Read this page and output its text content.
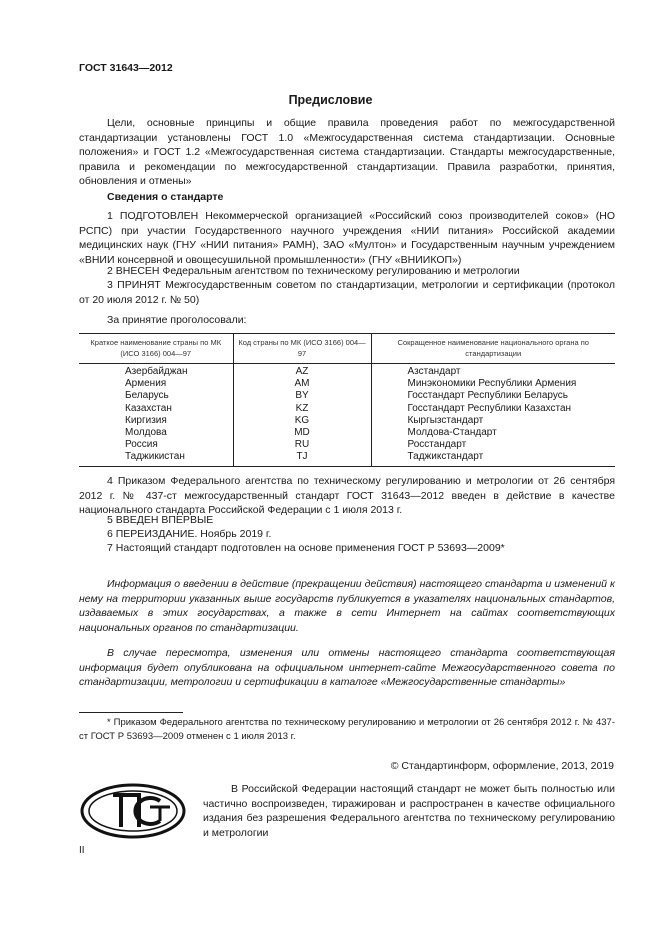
ГОСТ 31643—2012
Предисловие
Цели, основные принципы и общие правила проведения работ по межгосударственной стандартизации установлены ГОСТ 1.0 «Межгосударственная система стандартизации. Основные положения» и ГОСТ 1.2 «Межгосударственная система стандартизации. Стандарты межгосударственные, правила и рекомендации по межгосударственной стандартизации. Правила разработки, принятия, обновления и отмены»
Сведения о стандарте
1 ПОДГОТОВЛЕН Некоммерческой организацией «Российский союз производителей соков» (НО РСПС) при участии Государственного научного учреждения «НИИ питания» Российской академии медицинских наук (ГНУ «НИИ питания» РАМН), ЗАО «Мултон» и Государственным научным учреждением «ВНИИ консервной и овощесушильной промышленности» (ГНУ «ВНИИКОП»)
2 ВНЕСЕН Федеральным агентством по техническому регулированию и метрологии
3 ПРИНЯТ Межгосударственным советом по стандартизации, метрологии и сертификации (протокол от 20 июля 2012 г. № 50)
За принятие проголосовали:
Краткое наименование страны по МК (ИСО 3166) 004—97	Код страны по МК (ИСО 3166) 004—97	Сокращенное наименование национального органа по стандартизации
Азербайджан	AZ	Азстандарт
Армения	AM	Минэкономики Республики Армения
Беларусь	BY	Госстандарт Республики Беларусь
Казахстан	KZ	Госстандарт Республики Казахстан
Киргизия	KG	Кыргызстандарт
Молдова	MD	Молдова-Стандарт
Россия	RU	Росстандарт
Таджикистан	TJ	Таджикстандарт
4 Приказом Федерального агентства по техническому регулированию и метрологии от 26 сентября 2012 г. № 437-ст межгосударственный стандарт ГОСТ 31643—2012 введен в действие в качестве национального стандарта Российской Федерации с 1 июля 2013 г.
5 ВВЕДЕН ВПЕРВЫЕ
6 ПЕРЕИЗДАНИЕ. Ноябрь 2019 г.
7 Настоящий стандарт подготовлен на основе применения ГОСТ Р 53693—2009*
Информация о введении в действие (прекращении действия) настоящего стандарта и изменений к нему на территории указанных выше государств публикуется в указателях национальных стандартов, издаваемых в этих государствах, а также в сети Интернет на сайтах соответствующих национальных органов по стандартизации.
В случае пересмотра, изменения или отмены настоящего стандарта соответствующая информация будет опубликована на официальном интернет-сайте Межгосударственного совета по стандартизации, метрологии и сертификации в каталоге «Межгосударственные стандарты»
* Приказом Федерального агентства по техническому регулированию и метрологии от 26 сентября 2012 г. № 437-ст ГОСТ Р 53693—2009 отменен с 1 июля 2013 г.
© Стандартинформ, оформление, 2013, 2019
В Российской Федерации настоящий стандарт не может быть полностью или частично воспроизведен, тиражирован и распространен в качестве официального издания без разрешения Федерального агентства по техническому регулированию и метрологии
II
